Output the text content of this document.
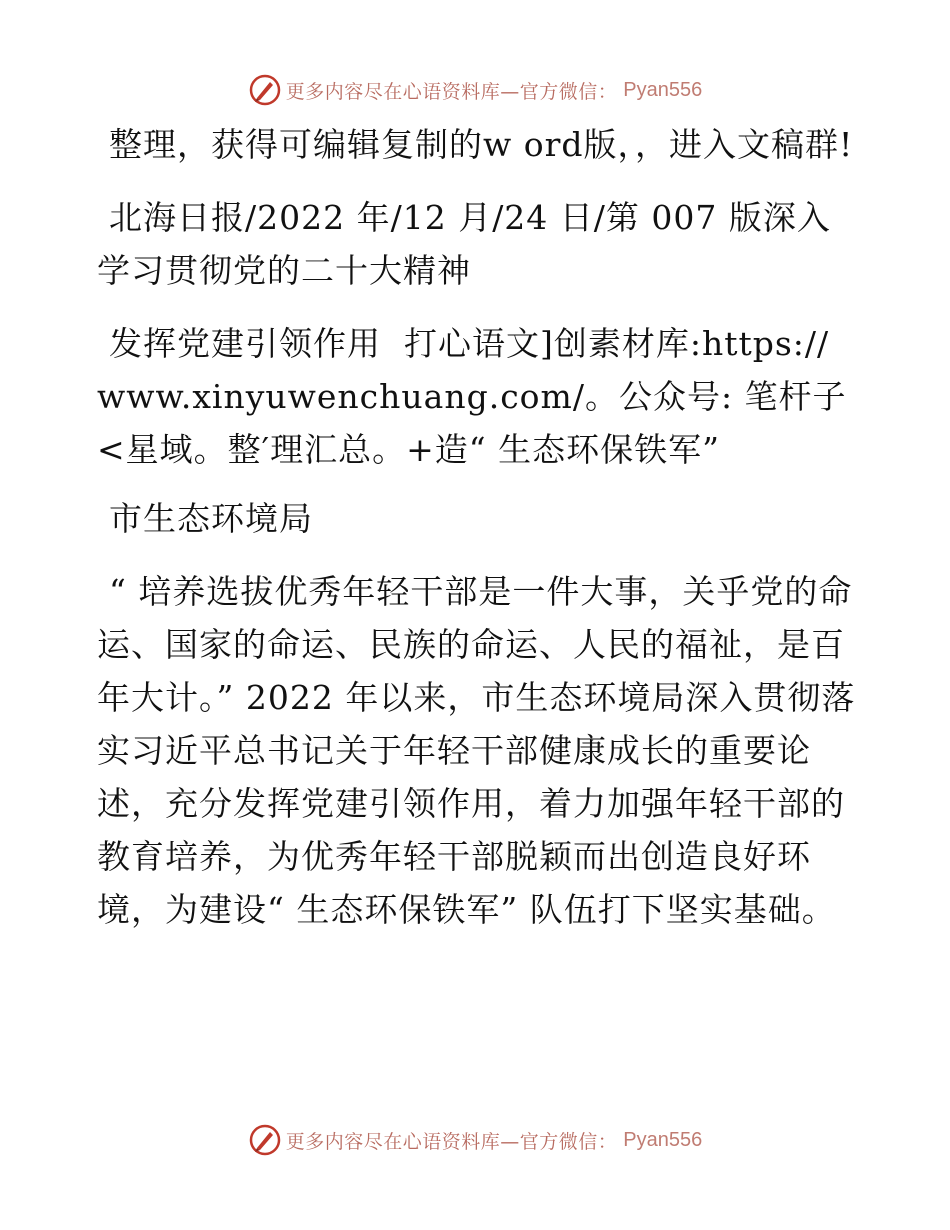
更多内容尽在心语资料库—官方微信： Pyan556

整理，获得可编辑复制的w ord版，，进入文稿群!

北海日报/2022 年/12 月/24 日/第 007 版深入学习贯彻党的二十大精神

发挥党建引领作用  打心语文]创素材库:https://www.xinyuwenchuang.com/。公众号: 笔杆子<星域。整′理汇总。+造“ 生态环保铁军”

市生态环境局

“ 培养选拔优秀年轻干部是一件大事，关乎党的命运、国家的命运、民族的命运、人民的福祉，是百年大计。” 2022 年以来，市生态环境局深入贯彻落实习近平总书记关于年轻干部健康成长的重要论述，充分发挥党建引领作用，着力加强年轻干部的教育培养，为优秀年轻干部脱颖而出创造良好环境，为建设“ 生态环保铁军” 队伍打下坚实基础。

更多内容尽在心语资料库—官方微信： Pyan556
